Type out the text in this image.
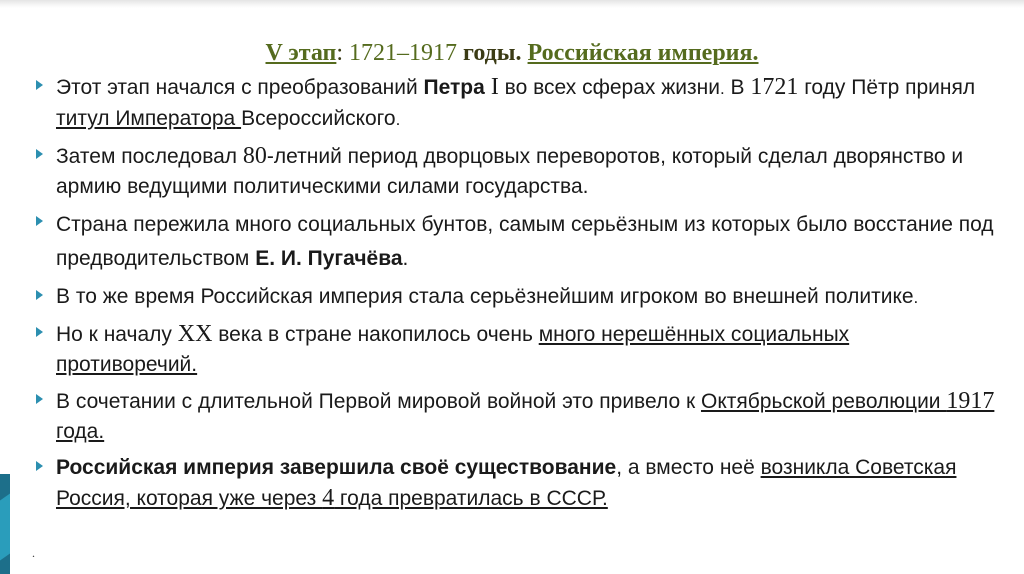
.
V этап: 1721–1917 годы. Российская империя.

Этот этап начался с преобразований Петра I во всех сферах жизни. В 1721 году Пётр принял титул Императора Всероссийского.

Затем последовал 80-летний период дворцовых переворотов, который сделал дворянство и армию ведущими политическими силами государства.

Страна пережила много социальных бунтов, самым серьёзным из которых было восстание под предводительством Е. И. Пугачёва.

В то же время Российская империя стала серьёзнейшим игроком во внешней политике.

Но к началу XX века в стране накопилось очень много нерешённых социальных противоречий.

В сочетании с длительной Первой мировой войной это привело к Октябрьской революции 1917 года.

Российская империя завершила своё существование, а вместо неё возникла Советская Россия, которая уже через 4 года превратилась в СССР.
